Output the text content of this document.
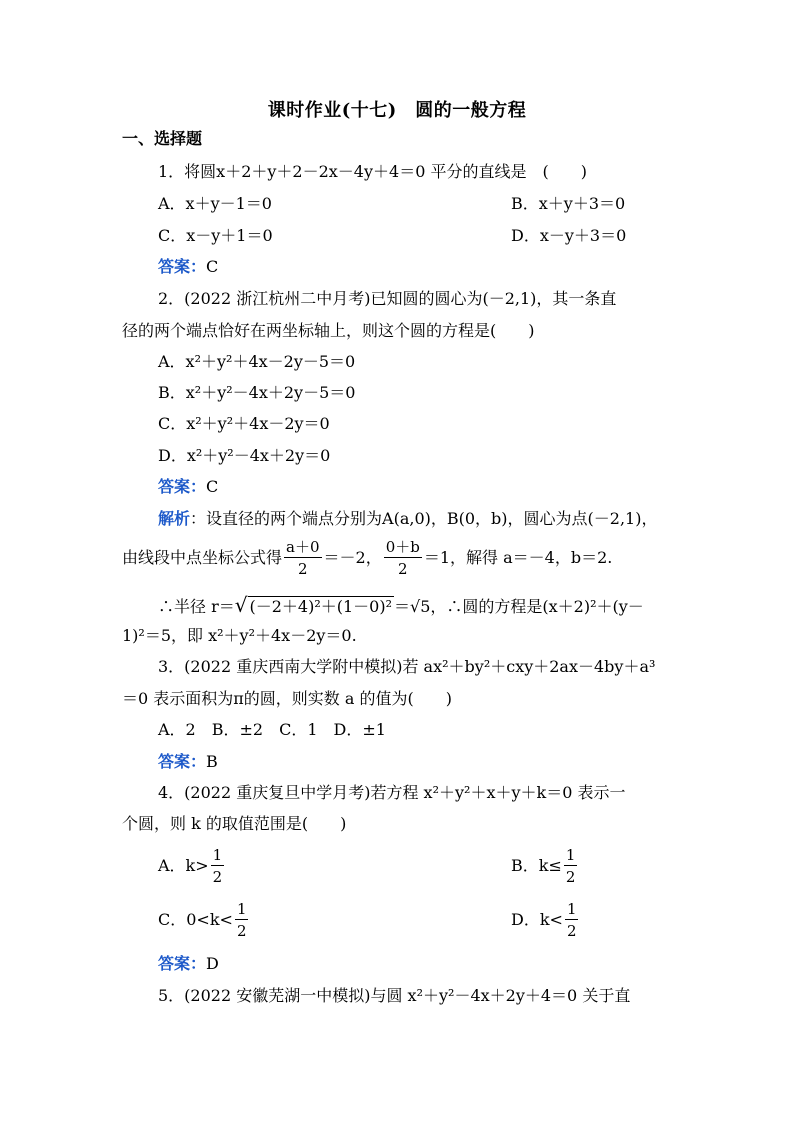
课时作业(十七)　圆的一般方程
一、选择题
1．将圆x＋2＋y＋2－2x－4y＋4＝0 平分的直线是　(　　)
A．x＋y－1＝0	B．x＋y＋3＝0
C．x－y＋1＝0	D．x－y＋3＝0
答案：C
2．(2022 浙江杭州二中月考)已知圆的圆心为(－2,1)，其一条直
径的两个端点恰好在两坐标轴上，则这个圆的方程是(　　)
A．x²＋y²＋4x－2y－5＝0
B．x²＋y²－4x＋2y－5＝0
C．x²＋y²＋4x－2y＝0
D．x²＋y²－4x＋2y＝0
答案：C
解析：设直径的两个端点分别为A(a,0)，B(0，b)，圆心为点(－2,1)，
由线段中点坐标公式得 $\frac{a+0}{2} =-2$， $\frac{0+b}{2} =1$，解得 a＝－4，b＝2.
∴半径 r＝√ (－2＋4)²＋(1－0)² ＝√5，∴圆的方程是(x＋2)²＋(y－
1)²＝5，即 x²＋y²＋4x－2y＝0.
3．(2022 重庆西南大学附中模拟)若 ax²＋by²＋cxy＋2ax－4by＋a³
＝0 表示面积为π的圆，则实数 a 的值为(　　)
A．2　B．±2　C．1　D．±1
答案：B
4．(2022 重庆复旦中学月考)若方程 x²＋y²＋x＋y＋k＝0 表示一
个圆，则 k 的取值范围是(　　)
A．$k> \frac{1}{2}$	B．$k\le \frac{1}{2}$
C．$0<k< \frac{1}{2}$	D．$k< \frac{1}{2}$
答案：D
5．(2022 安徽芜湖一中模拟)与圆 x²＋y²－4x＋2y＋4＝0 关于直
